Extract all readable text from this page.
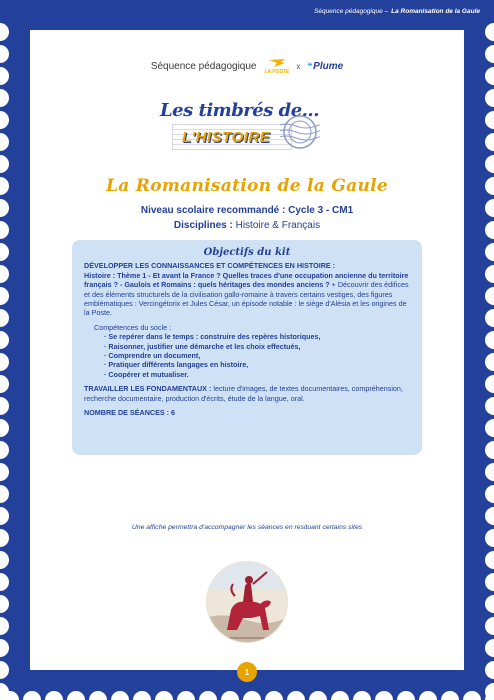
Séquence pédagogique – La Romanisation de la Gaule
Séquence pédagogique LA POSTE
x ❝ Plume
Les timbrés de...
L'HISTOIRE
La Romanisation de la Gaule
Niveau scolaire recommandé : Cycle 3 - CM1
Disciplines : Histoire & Français
Objectifs du kit
DÉVELOPPER LES CONNAISSANCES ET COMPÉTENCES EN HISTOIRE :
Histoire : Thème 1 - Et avant la France ? Quelles traces d'une occupation ancienne du territoire français ? - Gaulois et Romains : quels héritages des mondes anciens ? + Découvrir des édifices et des éléments structurels de la civilisation gallo-romaine à travers certains vestiges, des figures emblématiques : Vercingétorix et Jules César, un épisode notable : le siège d'Alésia et les origines de la Poste.
Compétences du socle :
· Se repérer dans le temps : construire des repères historiques,
· Raisonner, justifier une démarche et les choix effectués,
· Comprendre un document,
· Pratiquer différents langages en histoire,
· Coopérer et mutualiser.
TRAVAILLER LES FONDAMENTAUX : lecture d'images, de textes documentaires, compréhension, recherche documentaire, production d'écrits, étude de la langue, oral.
NOMBRE DE SÉANCES : 6
Une affiche permettra d'accompagner les séances en resituant certains sites
1
